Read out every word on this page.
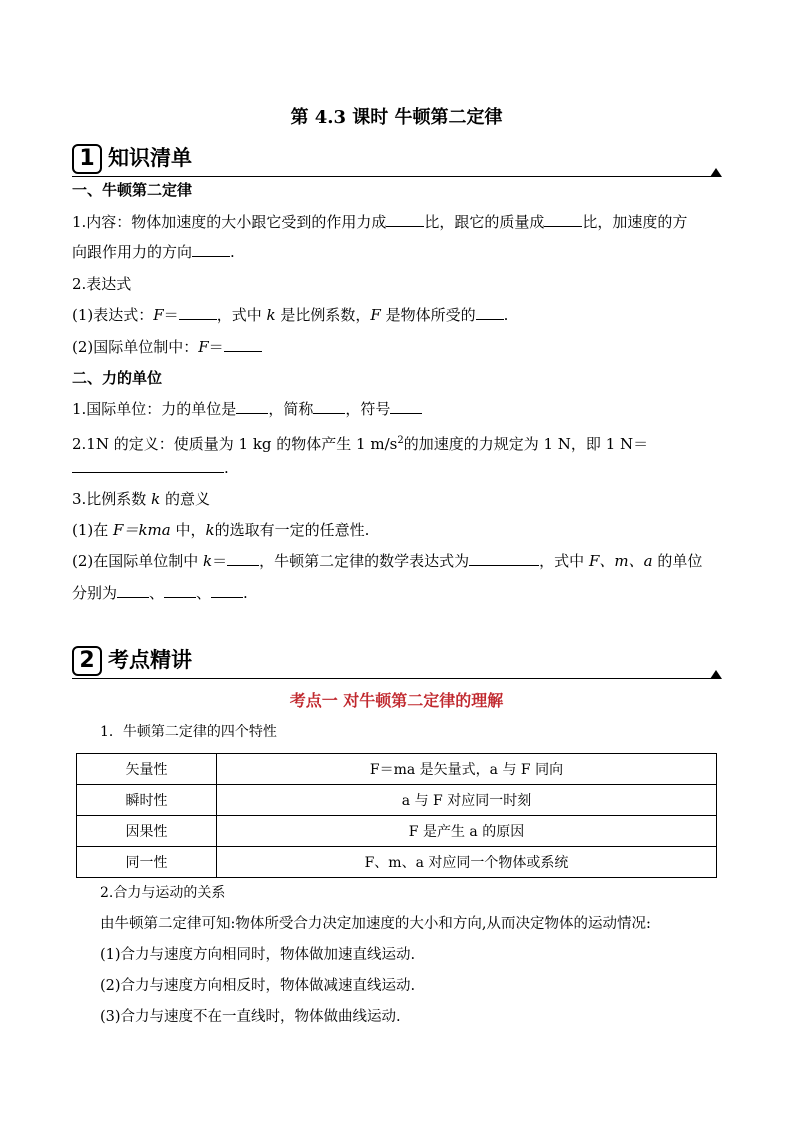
第 4.3 课时 牛顿第二定律
1 知识清单
一、牛顿第二定律
1.内容：物体加速度的大小跟它受到的作用力成	比，跟它的质量成	比，加速度的方
向跟作用力的方向	.
2.表达式
(1)表达式：F＝	，式中 k 是比例系数，F 是物体所受的 .
(2)国际单位制中：F＝
二、力的单位
1.国际单位：力的单位是 ，简称 ，符号
2.1N 的定义：使质量为 1 kg 的物体产生 1 $m/s^2$的加速度的力规定为 1 N，即 1 N＝
.
3.比例系数 k 的意义
(1)在 F＝kma 中，k的选取有一定的任意性.
(2)在国际单位制中 k＝ ，牛顿第二定律的数学表达式为	，式中 F、m、a 的单位
分别为 、 、 .
2 考点精讲
考点一 对牛顿第二定律的理解
1．牛顿第二定律的四个特性
矢量性	F＝ma 是矢量式，a 与 F 同向
瞬时性	a 与 F 对应同一时刻
因果性	F 是产生 a 的原因
同一性	F、m、a 对应同一个物体或系统
2.合力与运动的关系
由牛顿第二定律可知:物体所受合力决定加速度的大小和方向,从而决定物体的运动情况:
(1)合力与速度方向相同时，物体做加速直线运动.
(2)合力与速度方向相反时，物体做减速直线运动.
(3)合力与速度不在一直线时，物体做曲线运动.
